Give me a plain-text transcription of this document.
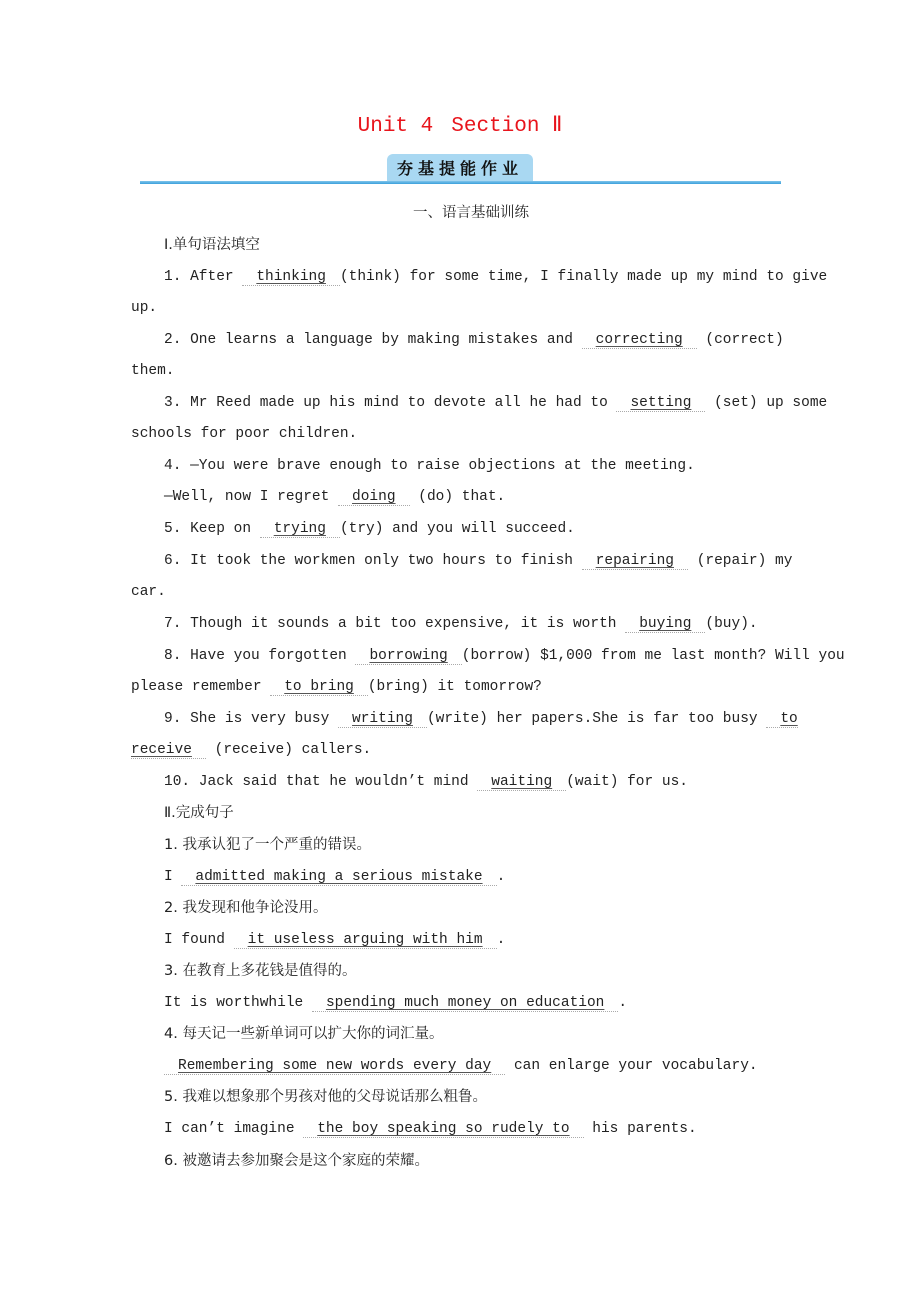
Unit 4 Section Ⅱ
夯基提能作业
一、语言基础训练
Ⅰ.单句语法填空
1. After thinking (think) for some time, I finally made up my mind to give
up.
2. One learns a language by making mistakes and correcting (correct)
them.
3. Mr Reed made up his mind to devote all he had to setting (set) up some
schools for poor children.
4. —You were brave enough to raise objections at the meeting.
—Well, now I regret doing (do) that.
5. Keep on trying (try) and you will succeed.
6. It took the workmen only two hours to finish repairing (repair) my
car.
7. Though it sounds a bit too expensive, it is worth buying (buy).
8. Have you forgotten borrowing (borrow) $1,000 from me last month? Will you
please remember to bring (bring) it tomorrow?
9. She is very busy writing (write) her papers.She is far too busy to
receive (receive) callers.
10. Jack said that he wouldn’t mind waiting (wait) for us.
Ⅱ.完成句子
1. 我承认犯了一个严重的错误。
I admitted making a serious mistake .
2. 我发现和他争论没用。
I found it useless arguing with him .
3. 在教育上多花钱是值得的。
It is worthwhile spending much money on education .
4. 每天记一些新单词可以扩大你的词汇量。
Remembering some new words every day can enlarge your vocabulary.
5. 我难以想象那个男孩对他的父母说话那么粗鲁。
I can’t imagine the boy speaking so rudely to his parents.
6. 被邀请去参加聚会是这个家庭的荣耀。
